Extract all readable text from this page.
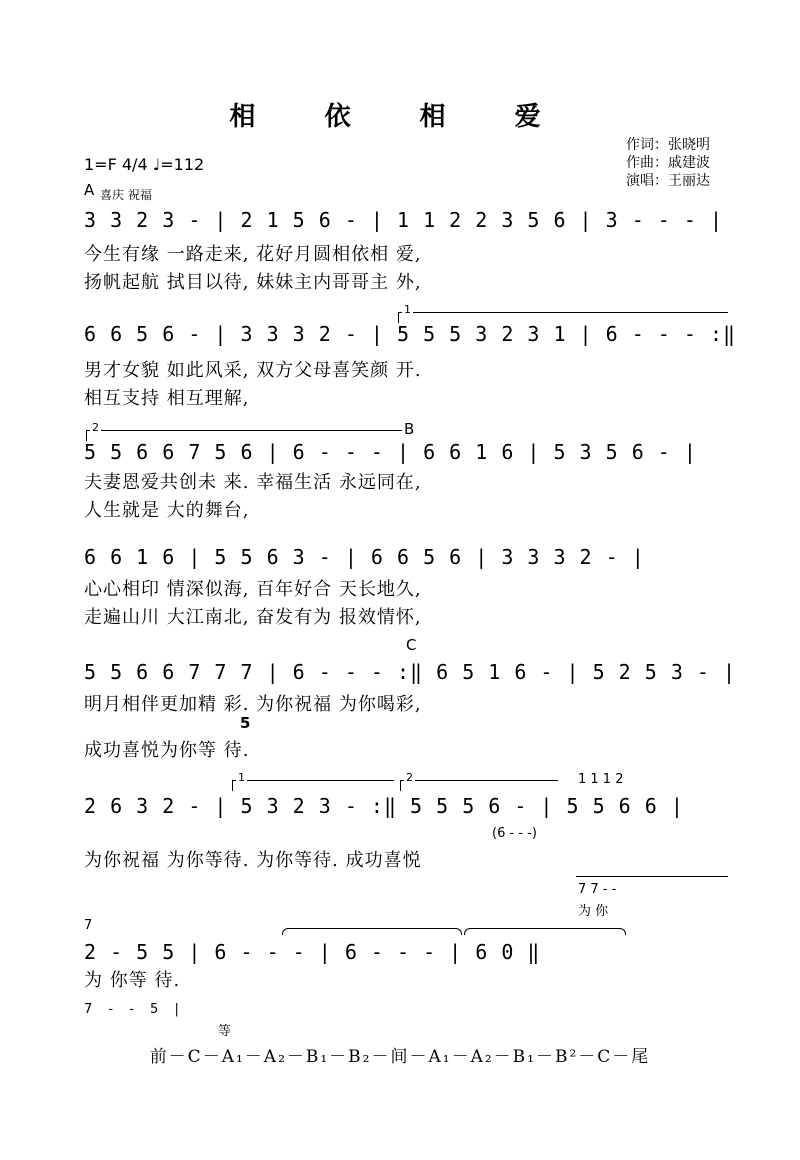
相 依 相 爱
作词：张晓明
作曲：戚建波
演唱：王丽达
1=F 4/4 ♩=112
A 喜庆 祝福
3 3 2 3 - | 2 1 5 6 - | 1 1 2 2 3 5 6 | 3 - - - |
今生有缘 一路走来, 花好月圆相依相 爱,
扬帆起航 拭目以待, 妹妹主内哥哥主 外,
1
6 6 5 6 - | 3 3 3 2 - | 5 5 5 3 2 3 1 | 6 - - - :‖
男才女貌 如此风采, 双方父母喜笑颜 开.
相互支持 相互理解,
2	B
5 5 6 6 7 5 6 | 6 - - - | 6 6 1 6 | 5 3 5 6 - |
夫妻恩爱共创未 来. 幸福生活 永远同在,
人生就是 大的舞台,
6 6 1 6 | 5 5 6 3 - | 6 6 5 6 | 3 3 3 2 - |
心心相印 情深似海, 百年好合 天长地久,
走遍山川 大江南北, 奋发有为 报效情怀,
C
5 5 6 6 7 7 7 | 6 - - - :‖ 6 5 1 6 - | 5 2 5 3 - |
明月相伴更加精 彩. 为你祝福 为你喝彩,
5
成功喜悦为你等 待.
1	2	1 1 1 2
2 6 3 2 - | 5 3 2 3 - :‖ 5 5 5 6 - | 5 5 6 6 |
(6 - - -)
为你祝福 为你等待. 为你等待. 成功喜悦
7 7 - -
为 你
7
2 - 5 5 | 6 - - - | 6 - - - | 6 0 ‖
为 你等 待.
7 - - 5 |
等
前－C－A₁－A₂－B₁－B₂－间－A₁－A₂－B₁－B²－C－尾
